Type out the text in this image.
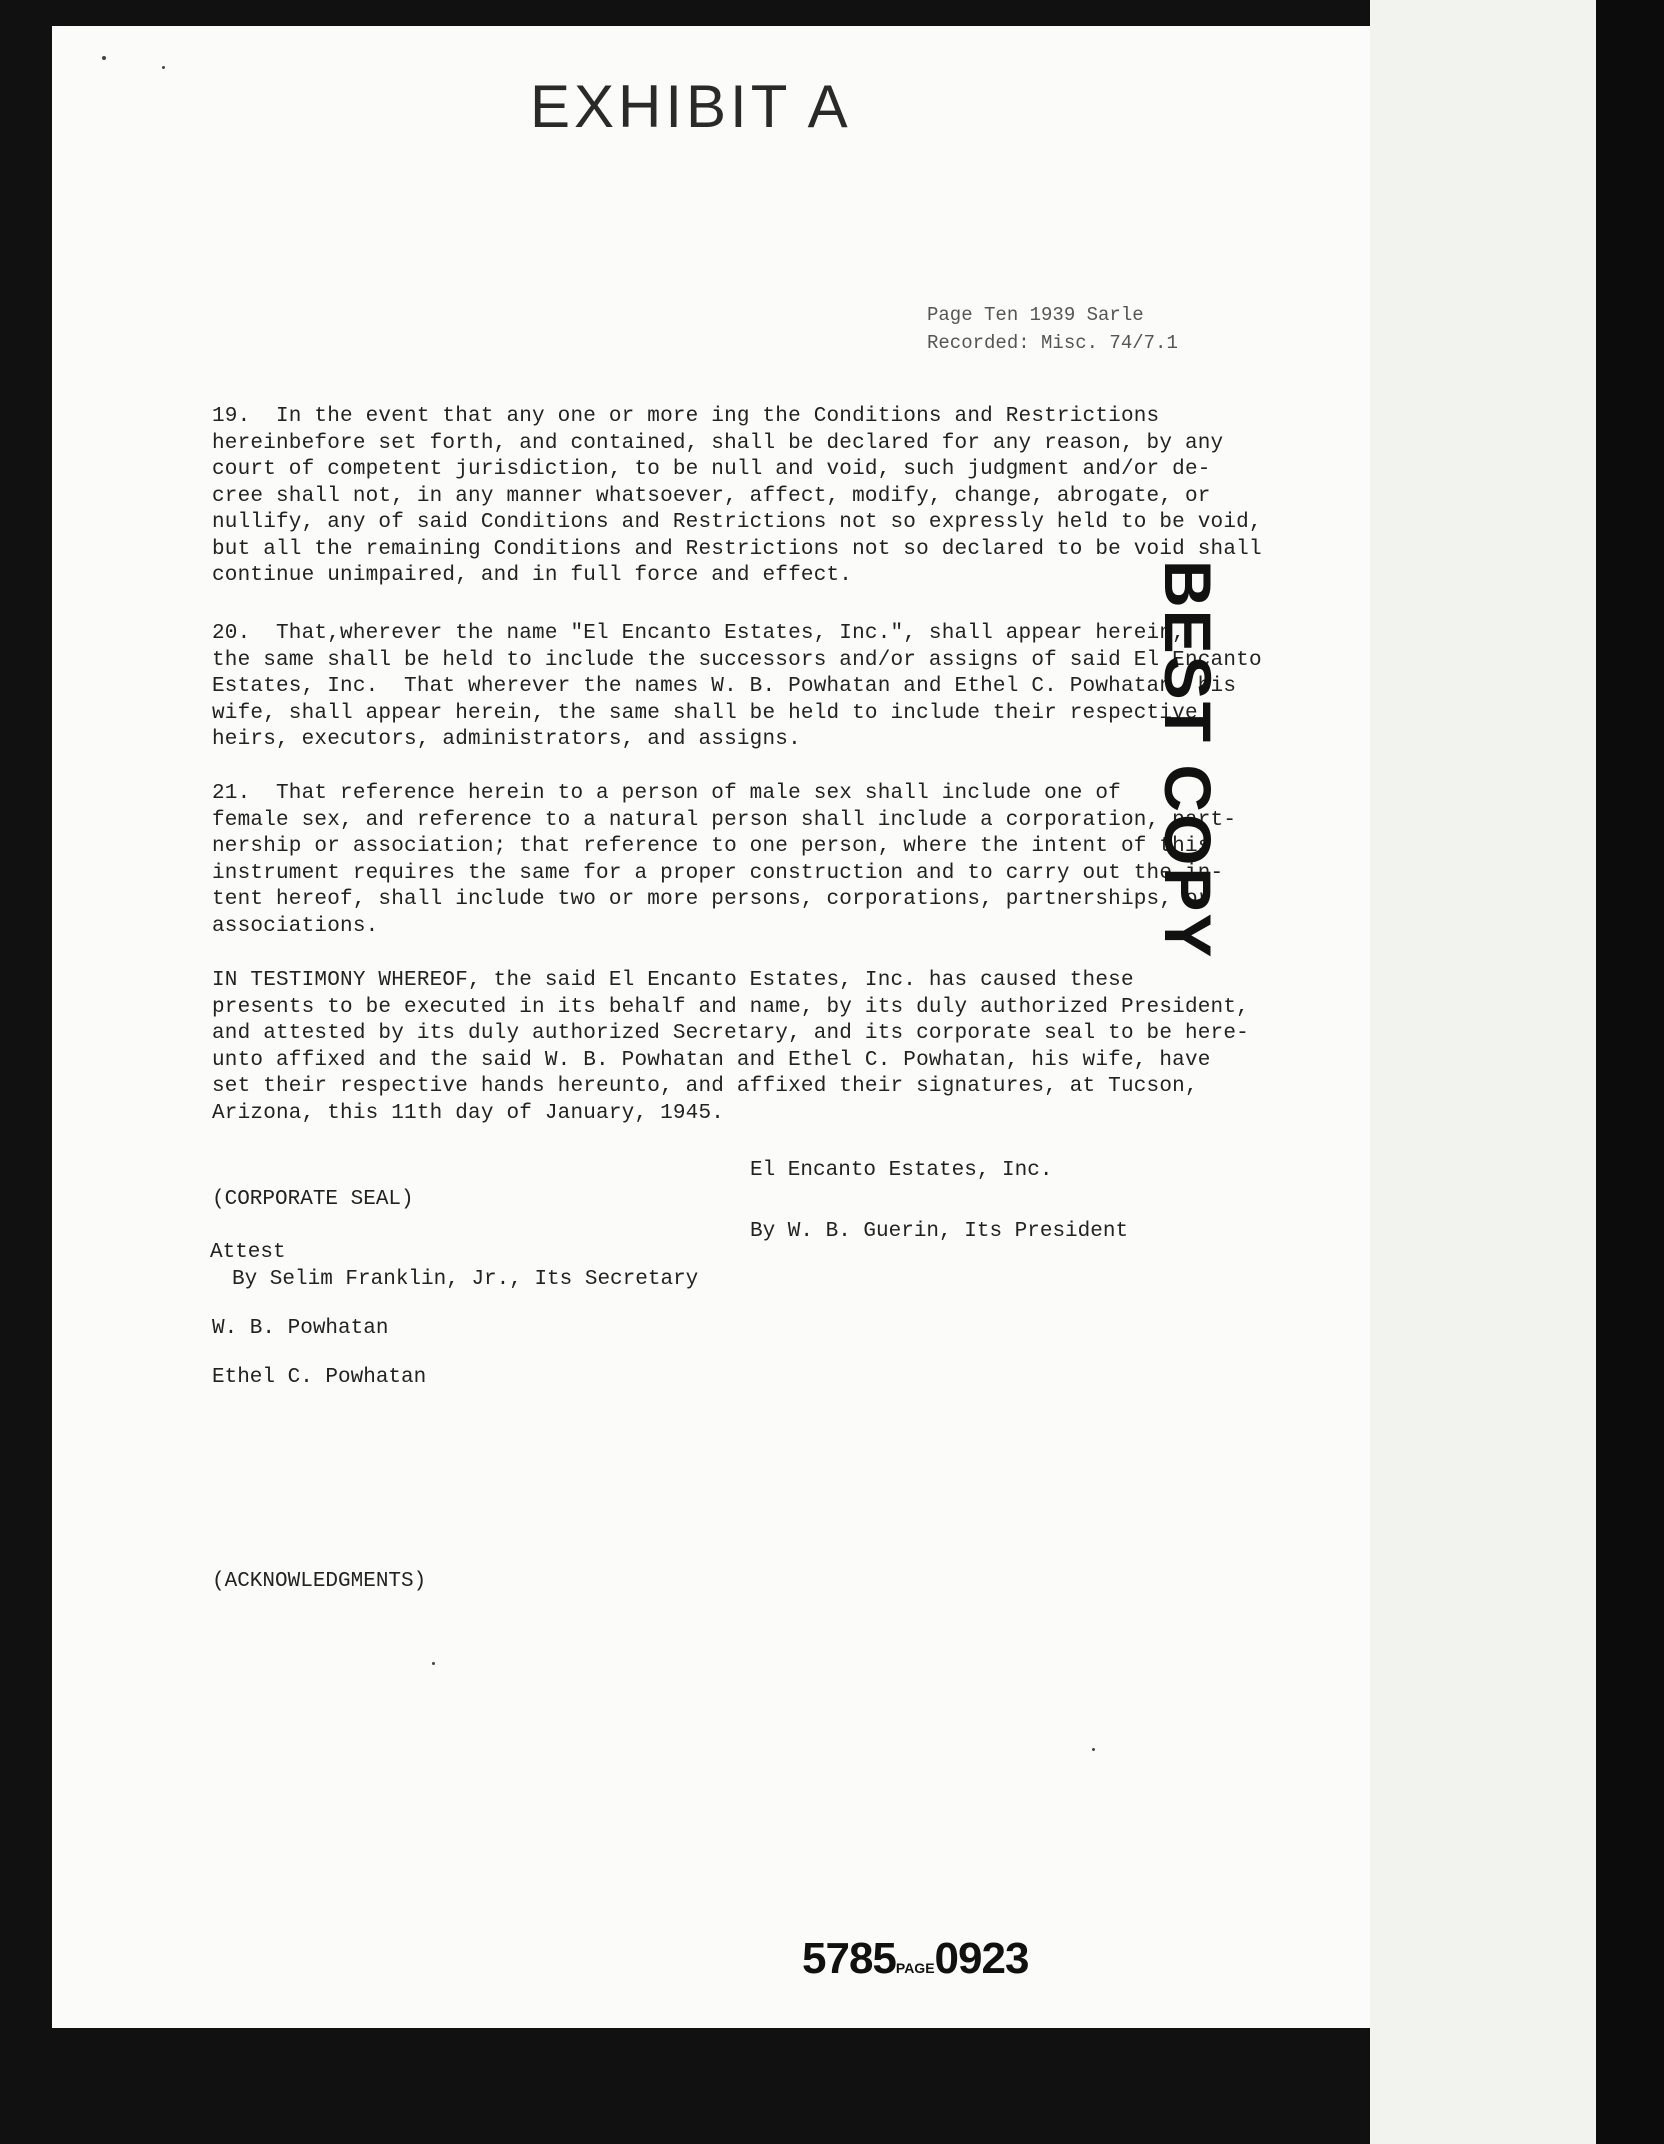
EXHIBIT A
Page Ten 1939 Sarle
Recorded: Misc. 74/7.1
19.  In the event that any one or more ing the Conditions and Restrictions
hereinbefore set forth, and contained, shall be declared for any reason, by any
court of competent jurisdiction, to be null and void, such judgment and/or de-
cree shall not, in any manner whatsoever, affect, modify, change, abrogate, or
nullify, any of said Conditions and Restrictions not so expressly held to be void,
but all the remaining Conditions and Restrictions not so declared to be void shall
continue unimpaired, and in full force and effect.
20.  That,wherever the name "El Encanto Estates, Inc.", shall appear herein,
the same shall be held to include the successors and/or assigns of said El Encanto
Estates, Inc.  That wherever the names W. B. Powhatan and Ethel C. Powhatan, his
wife, shall appear herein, the same shall be held to include their respective
heirs, executors, administrators, and assigns.
21.  That reference herein to a person of male sex shall include one of
female sex, and reference to a natural person shall include a corporation, part-
nership or association; that reference to one person, where the intent of this
instrument requires the same for a proper construction and to carry out the in-
tent hereof, shall include two or more persons, corporations, partnerships, or
associations.
IN TESTIMONY WHEREOF, the said El Encanto Estates, Inc. has caused these
presents to be executed in its behalf and name, by its duly authorized President,
and attested by its duly authorized Secretary, and its corporate seal to be here-
unto affixed and the said W. B. Powhatan and Ethel C. Powhatan, his wife, have
set their respective hands hereunto, and affixed their signatures, at Tucson,
Arizona, this 11th day of January, 1945.
El Encanto Estates, Inc.
(CORPORATE SEAL)
By W. B. Guerin, Its President
Attest
By Selim Franklin, Jr., Its Secretary
W. B. Powhatan
Ethel C. Powhatan
(ACKNOWLEDGMENTS)
5785PAGE0923
BEST COPY
